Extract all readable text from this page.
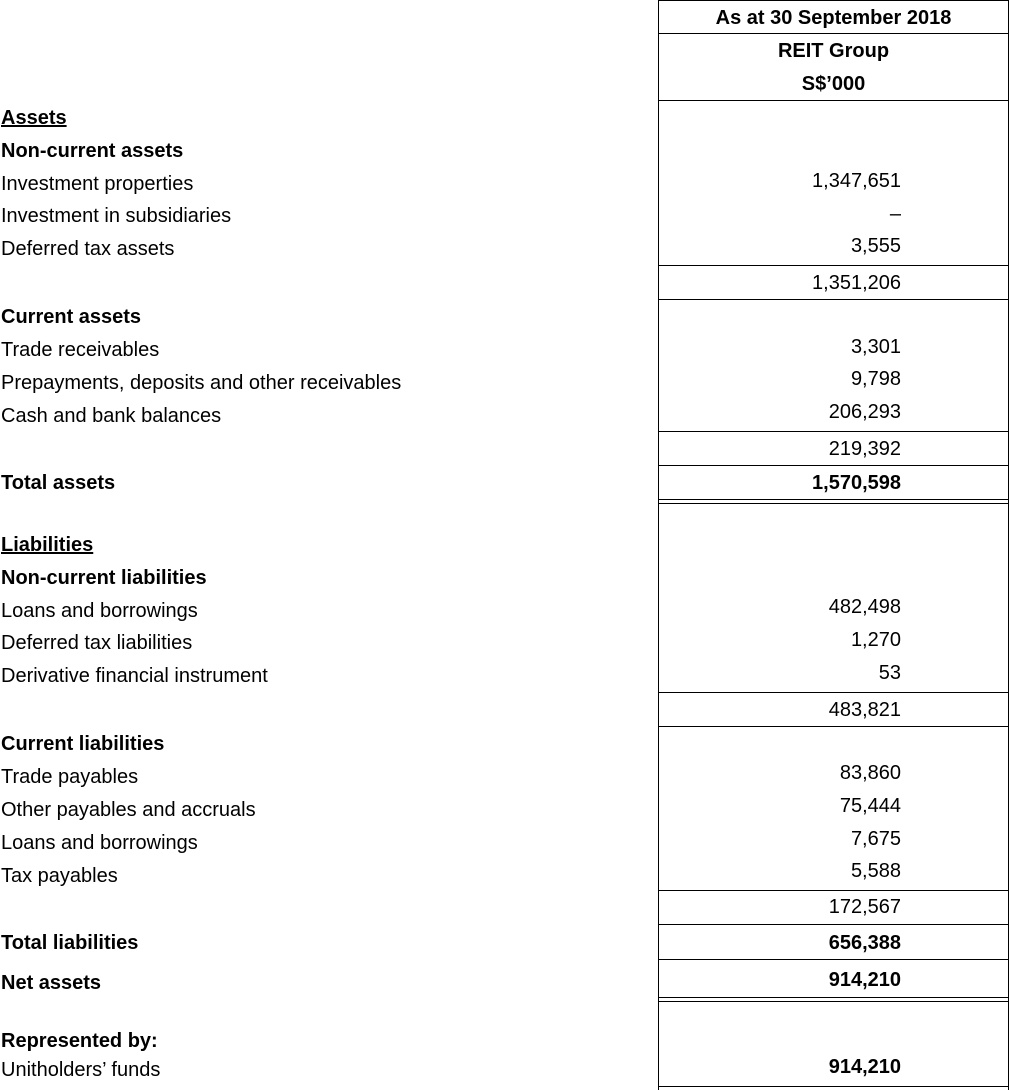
As at 30 September 2018
REIT Group
S$’000
Assets
Non-current assets
Investment properties	1,347,651
Investment in subsidiaries	–
Deferred tax assets	3,555
1,351,206
Current assets
Trade receivables	3,301
Prepayments, deposits and other receivables	9,798
Cash and bank balances	206,293
219,392
Total assets	1,570,598
Liabilities
Non-current liabilities
Loans and borrowings	482,498
Deferred tax liabilities	1,270
Derivative financial instrument	53
483,821
Current liabilities
Trade payables	83,860
Other payables and accruals	75,444
Loans and borrowings	7,675
Tax payables	5,588
172,567
Total liabilities	656,388
Net assets	914,210
Represented by:
Unitholders’ funds	914,210
